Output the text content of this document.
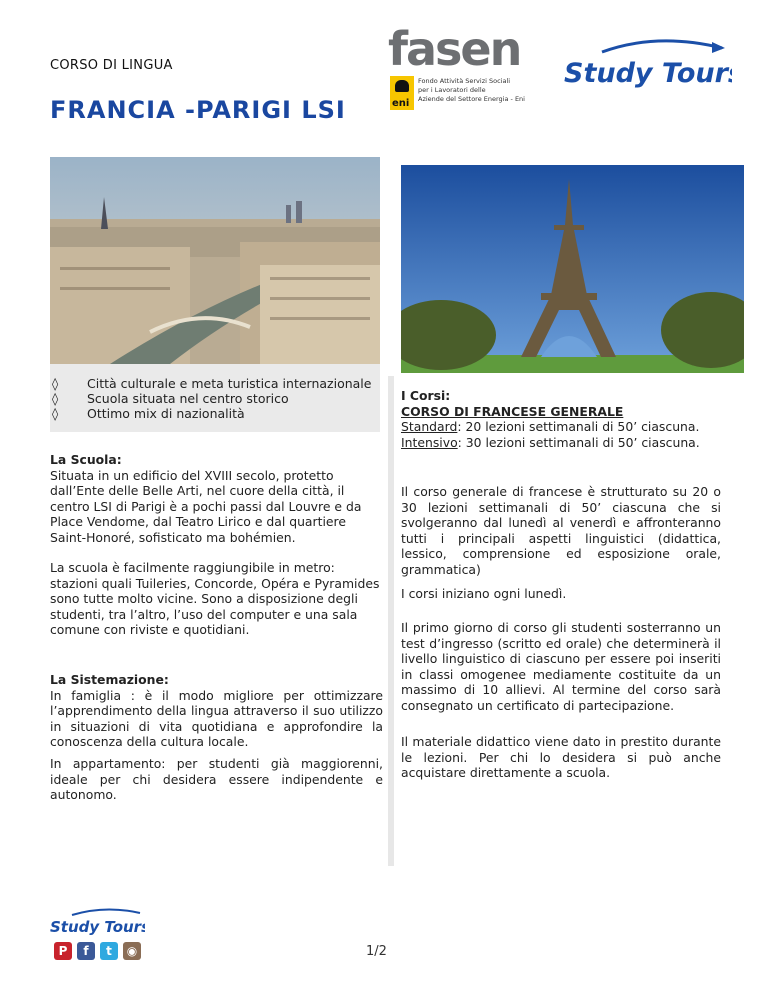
CORSO DI LINGUA
FRANCIA -PARIGI LSI
fasen
eni
Fondo Attività Servizi Sociali
per i Lavoratori delle
Aziende del Settore Energia - Eni
Study Tours
◊	Città culturale e meta turistica internazionale
◊	Scuola situata nel centro storico
◊	Ottimo mix di nazionalità

La Scuola:

Situata in un edificio del XVIII secolo, protetto dall’Ente delle Belle Arti, nel cuore della città, il centro LSI di Parigi è a pochi passi dal Louvre e da Place Vendome, dal Teatro Lirico e dal quartiere Saint-Honoré, sofisticato ma bohémien.

La scuola è facilmente raggiungibile in metro: stazioni quali Tuileries, Concorde, Opéra e Pyramides sono tutte molto vicine. Sono a disposizione degli studenti, tra l’altro, l’uso del computer e una sala comune con riviste e quotidiani.

La Sistemazione:

In famiglia : è il modo migliore per ottimizzare l’apprendimento della lingua attraverso il suo utilizzo in situazioni di vita quotidiana e approfondire la conoscenza della cultura locale.

In appartamento: per studenti già maggiorenni, ideale per chi desidera essere indipendente e autonomo.

I Corsi:

CORSO DI FRANCESE GENERALE

Standard: 20 lezioni settimanali di 50’ ciascuna.

Intensivo: 30 lezioni settimanali di 50’ ciascuna.

Il corso generale di francese è strutturato su 20 o 30 lezioni settimanali di 50’ ciascuna che si svolgeranno dal lunedì al venerdì e affronteranno tutti i principali aspetti linguistici (didattica, lessico, comprensione ed esposizione orale, grammatica)

I corsi iniziano ogni lunedì.

Il primo giorno di corso gli studenti sosterranno un test d’ingresso (scritto ed orale) che determinerà il livello linguistico di ciascuno per essere poi inseriti in classi omogenee mediamente costituite da un massimo di 10 allievi. Al termine del corso sarà consegnato un certificato di partecipazione.

Il materiale didattico viene dato in prestito durante le lezioni. Per chi lo desidera si può anche acquistare direttamente a scuola.

Study Tours
P	f	t	◉	1/2
